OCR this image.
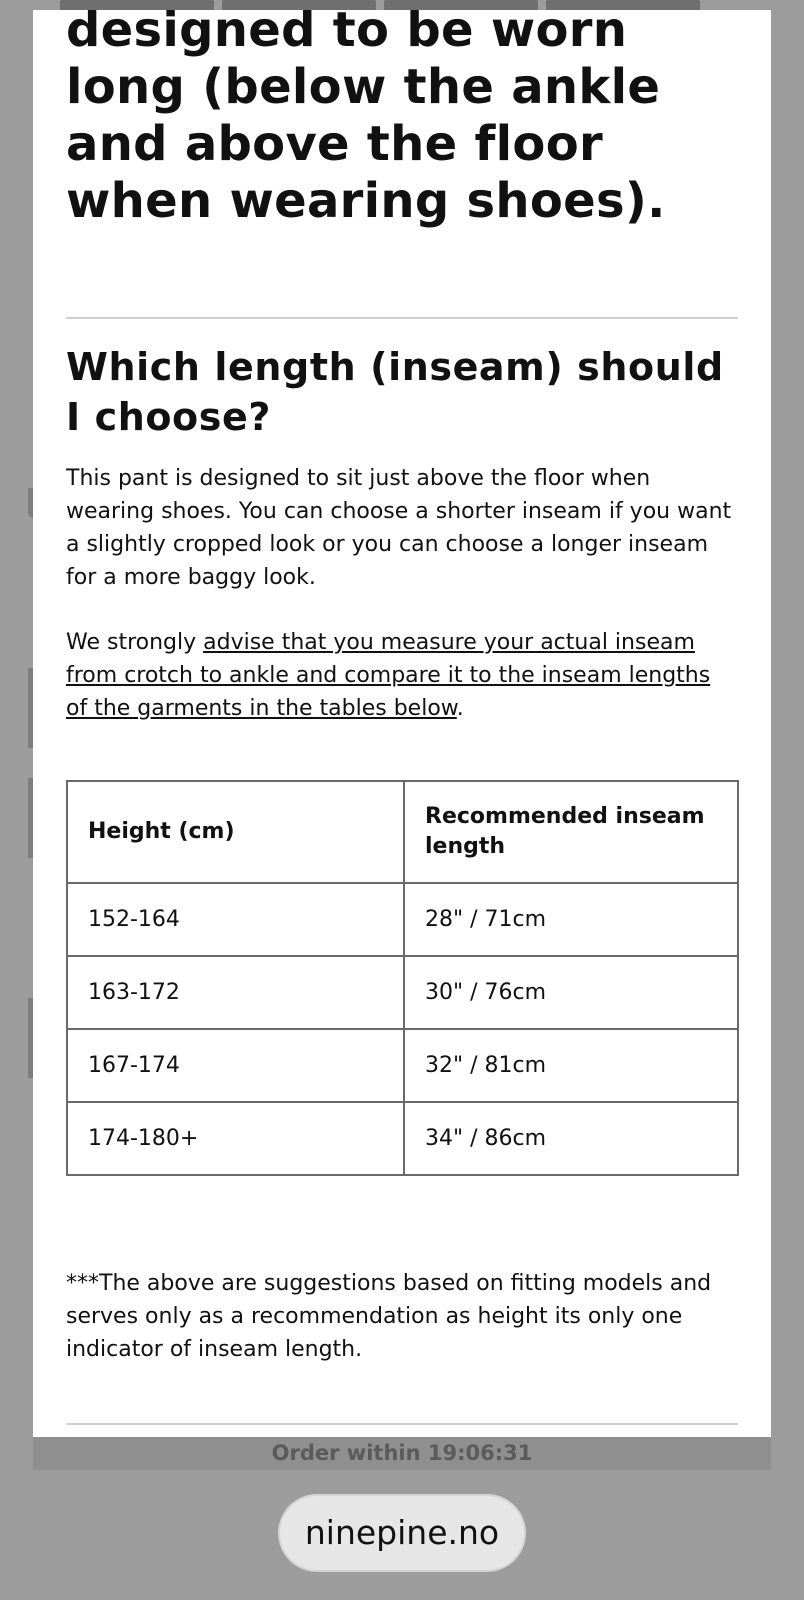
designed to be worn long (below the ankle and above the floor when wearing shoes).
Which length (inseam) should I choose?

This pant is designed to sit just above the floor when wearing shoes. You can choose a shorter inseam if you want a slightly cropped look or you can choose a longer inseam for a more baggy look.

We strongly advise that you measure your actual inseam from crotch to ankle and compare it to the inseam lengths of the garments in the tables below.

Height (cm)	Recommended inseam length
152-164	28" / 71cm
163-172	30" / 76cm
167-174	32" / 81cm
174-180+	34" / 86cm

***The above are suggestions based on fitting models and serves only as a recommendation as height its only one indicator of inseam length.

Order within 19:06:31
ninepine.no
